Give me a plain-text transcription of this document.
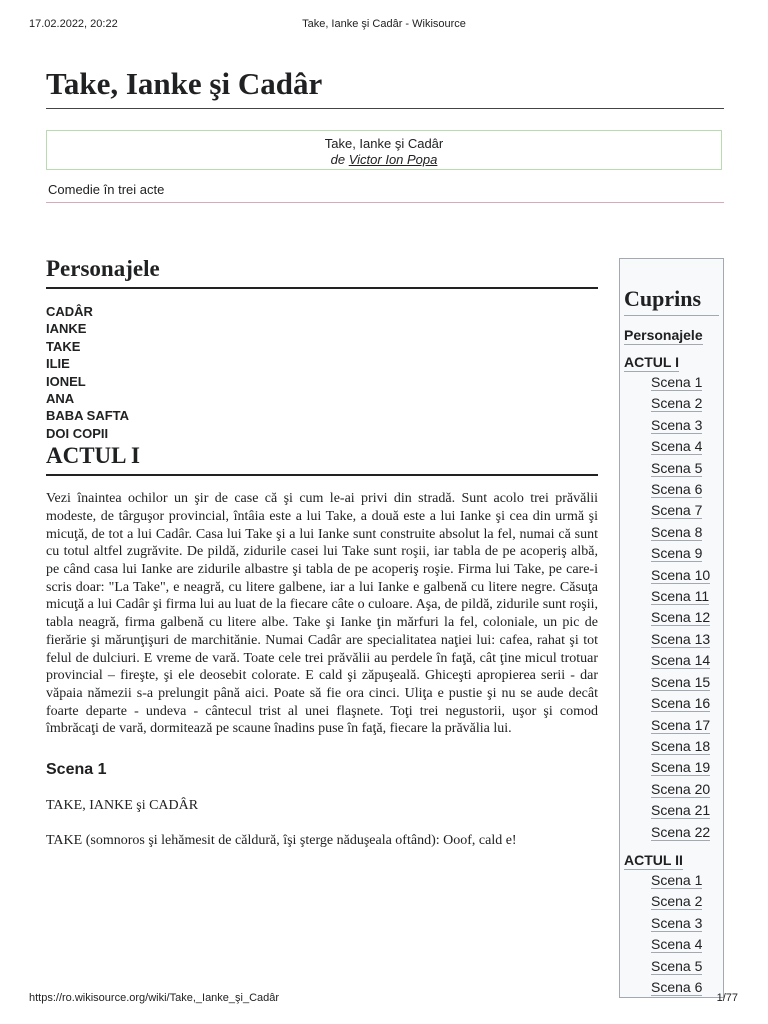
17.02.2022, 20:22	Take, Ianke şi Cadâr - Wikisource
Take, Ianke şi Cadâr
Take, Ianke şi Cadâr
de Victor Ion Popa
Comedie în trei acte
Personajele
CADÂR
IANKE
TAKE
ILIE
IONEL
ANA
BABA SAFTA
DOI COPII
ACTUL I

Vezi înaintea ochilor un şir de case că şi cum le-ai privi din stradă. Sunt acolo trei prăvălii modeste, de târguşor provincial, întâia este a lui Take, a două este a lui Ianke şi cea din urmă şi micuţă, de tot a lui Cadâr. Casa lui Take şi a lui Ianke sunt construite absolut la fel, numai că sunt cu totul altfel zugrăvite. De pildă, zidurile casei lui Take sunt roşii, iar tabla de pe acoperiş albă, pe când casa lui Ianke are zidurile albastre şi tabla de pe acoperiş roşie. Firma lui Take, pe care-i scris doar: "La Take", e neagră, cu litere galbene, iar a lui Ianke e galbenă cu litere negre. Căsuţa micuţă a lui Cadâr şi firma lui au luat de la fiecare câte o culoare. Aşa, de pildă, zidurile sunt roşii, tabla neagră, firma galbenă cu litere albe. Take şi Ianke ţin mărfuri la fel, coloniale, un pic de fierărie şi mărunţişuri de marchitănie. Numai Cadâr are specialitatea naţiei lui: cafea, rahat şi tot felul de dulciuri. E vreme de vară. Toate cele trei prăvălii au perdele în faţă, cât ţine micul trotuar provincial – fireşte, şi ele deosebit colorate. E cald şi zăpuşeală. Ghiceşti apropierea serii - dar văpaia nămezii s-a prelungit până aici. Poate să fie ora cinci. Uliţa e pustie şi nu se aude decât foarte departe - undeva - cântecul trist al unei flaşnete. Toţi trei negustorii, uşor şi comod îmbrăcaţi de vară, dormitează pe scaune înadins puse în faţă, fiecare la prăvălia lui.

Scena 1

TAKE, IANKE şi CADÂR

TAKE (somnoros şi lehămesit de căldură, îşi şterge năduşeala oftând): Ooof, cald e!

Cuprins
Personajele
ACTUL I
Scena 1
Scena 2
Scena 3
Scena 4
Scena 5
Scena 6
Scena 7
Scena 8
Scena 9
Scena 10
Scena 11
Scena 12
Scena 13
Scena 14
Scena 15
Scena 16
Scena 17
Scena 18
Scena 19
Scena 20
Scena 21
Scena 22
ACTUL II
Scena 1
Scena 2
Scena 3
Scena 4
Scena 5
Scena 6
https://ro.wikisource.org/wiki/Take,_Ianke_şi_Cadâr	1/77
